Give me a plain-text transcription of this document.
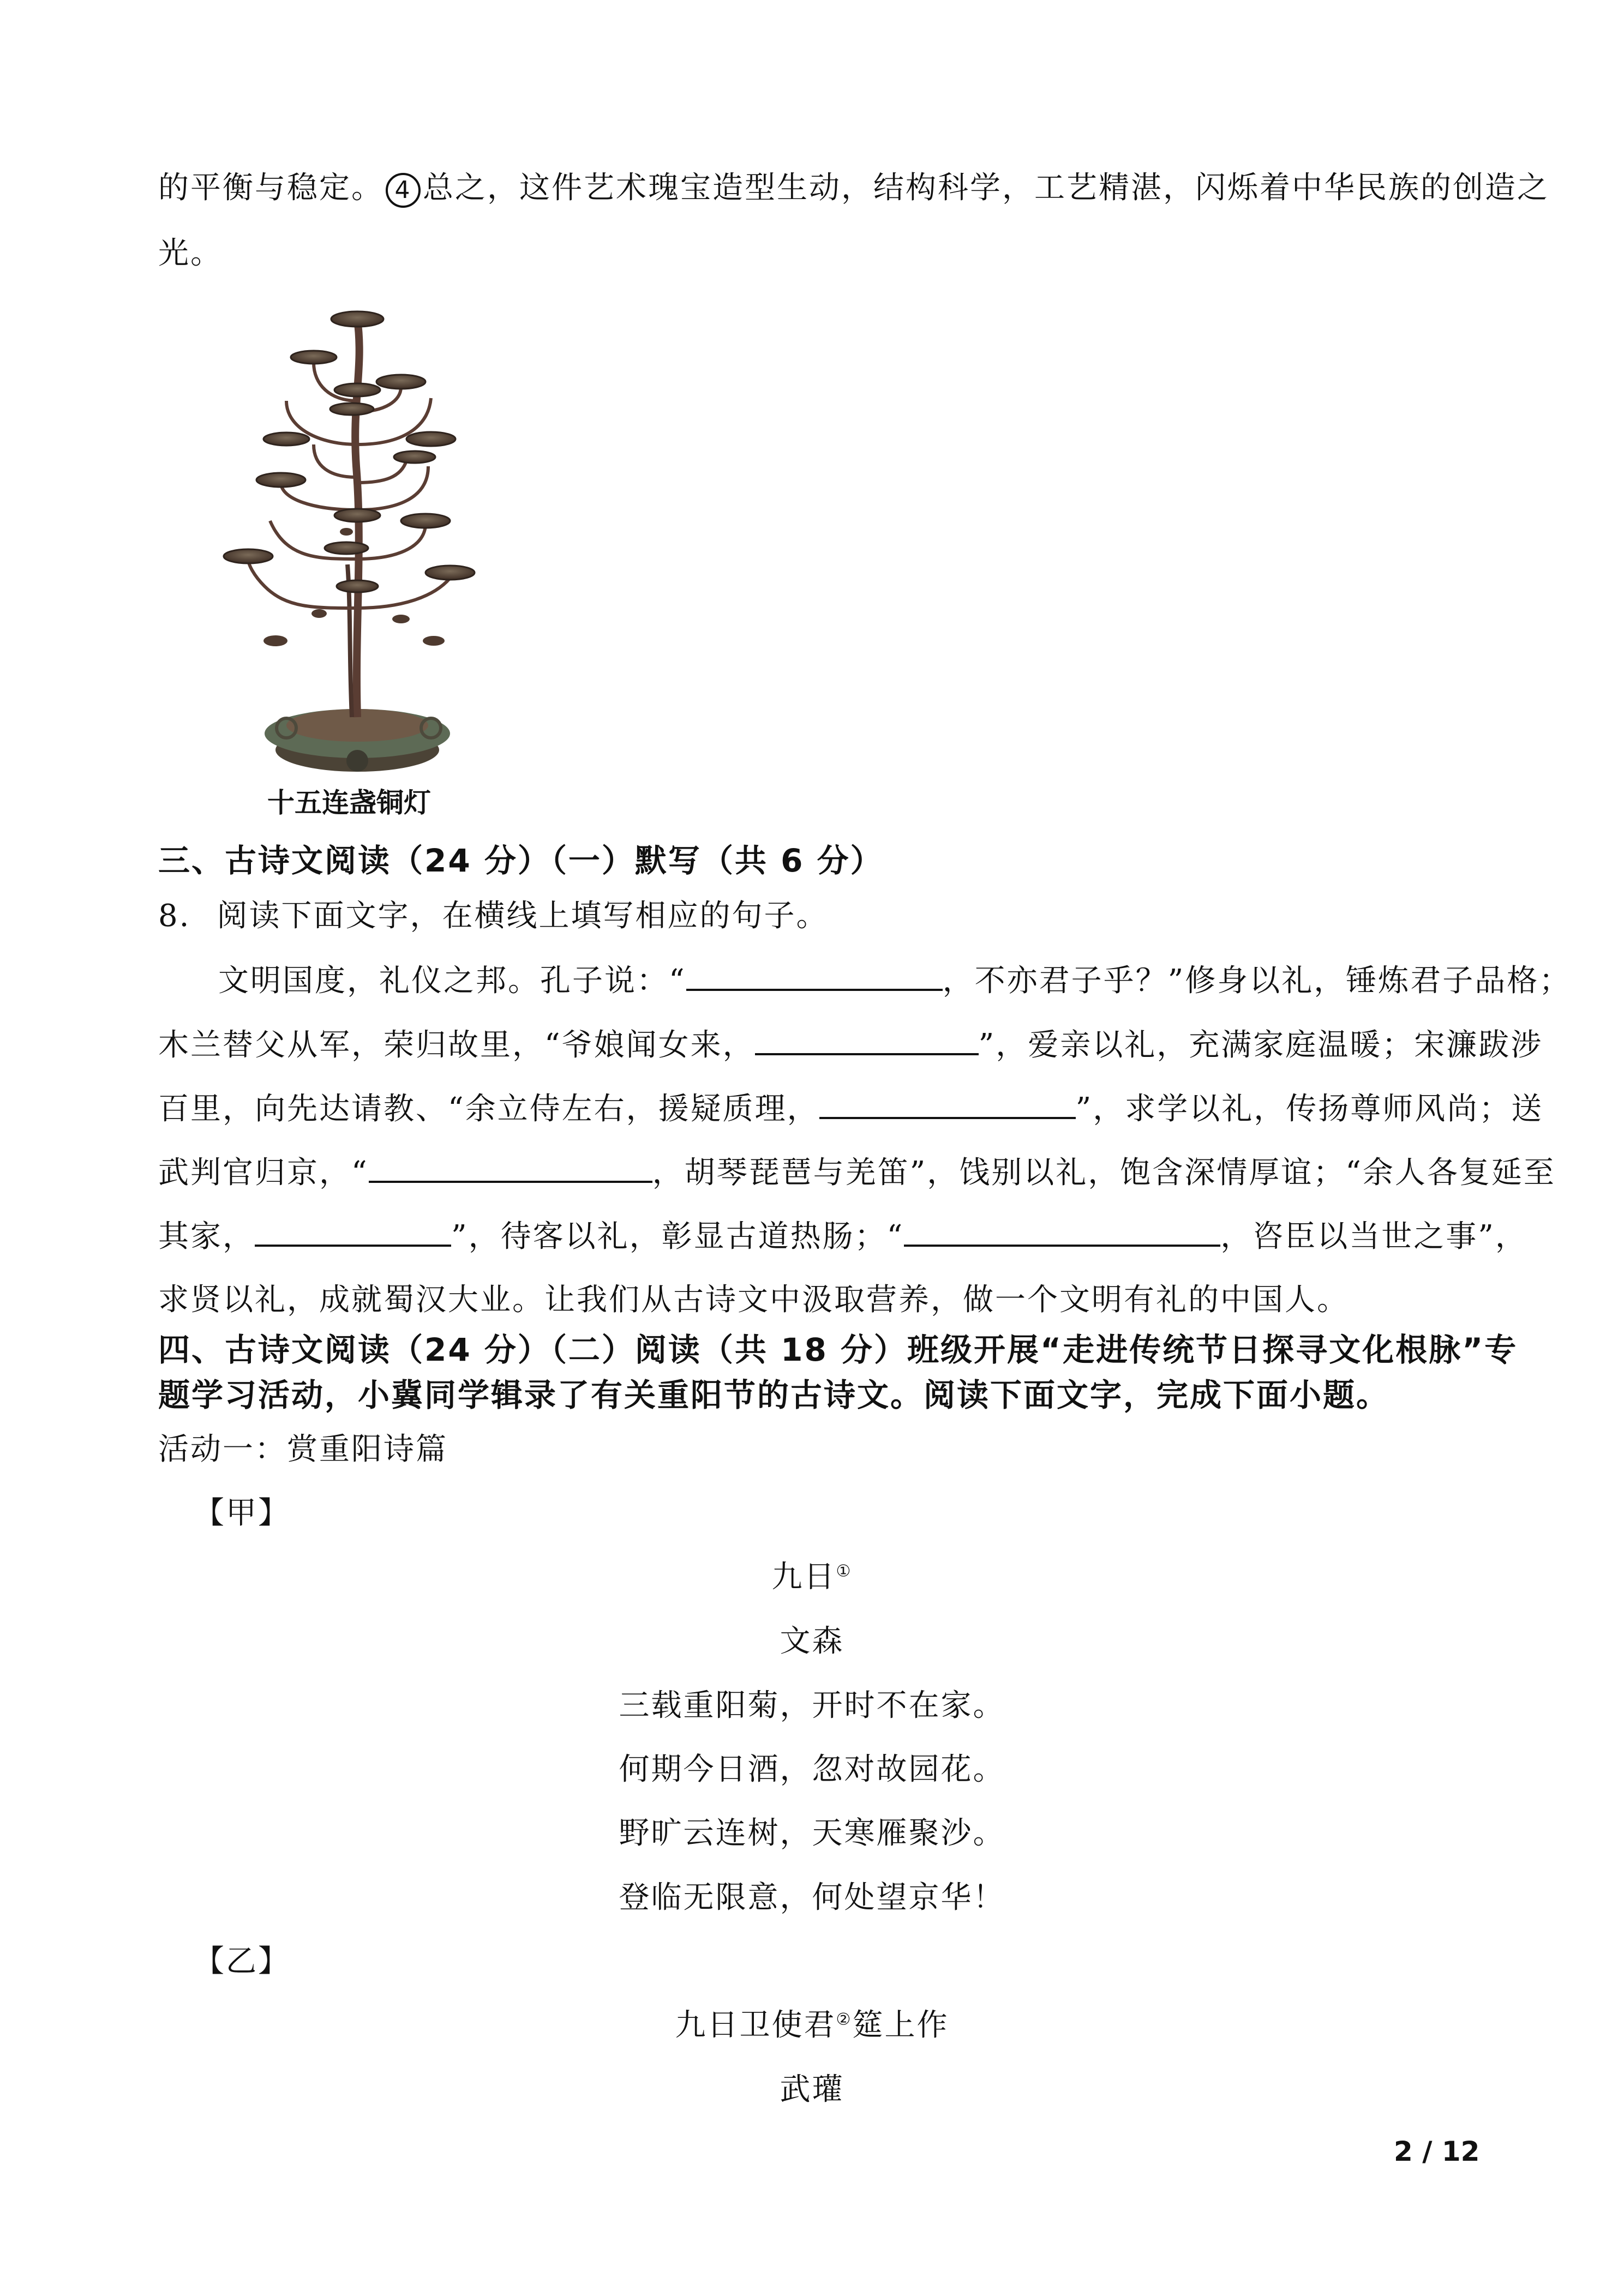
的平衡与稳定。 4 总之，这件艺术瑰宝造型生动，结构科学，工艺精湛，闪烁着中华民族的创造之
光。
十五连盏铜灯
三、古诗文阅读（24 分）（一）默写（共 6 分）
8. 阅读下面文字，在横线上填写相应的句子。
文明国度，礼仪之邦。孔子说：“	，不亦君子乎？”修身以礼，锤炼君子品格；
木兰替父从军，荣归故里，“爷娘闻女来，	”，爱亲以礼，充满家庭温暖；宋濂跋涉
百里，向先达请教、“余立侍左右，援疑质理，	”，求学以礼，传扬尊师风尚；送
武判官归京，“	，胡琴琵琶与羌笛”，饯别以礼，饱含深情厚谊；“余人各复延至
其家，	”，待客以礼，彰显古道热肠；“	，咨臣以当世之事”，
求贤以礼，成就蜀汉大业。让我们从古诗文中汲取营养，做一个文明有礼的中国人。
四、古诗文阅读（24 分）（二）阅读（共 18 分）班级开展“走进传统节日探寻文化根脉”专
题学习活动，小冀同学辑录了有关重阳节的古诗文。阅读下面文字，完成下面小题。
活动一：赏重阳诗篇
【甲】
九日①
文森
三载重阳菊，开时不在家。
何期今日酒，忽对故园花。
野旷云连树，天寒雁聚沙。
登临无限意，何处望京华！
【乙】
九日卫使君②筵上作
武瓘
2 / 12
